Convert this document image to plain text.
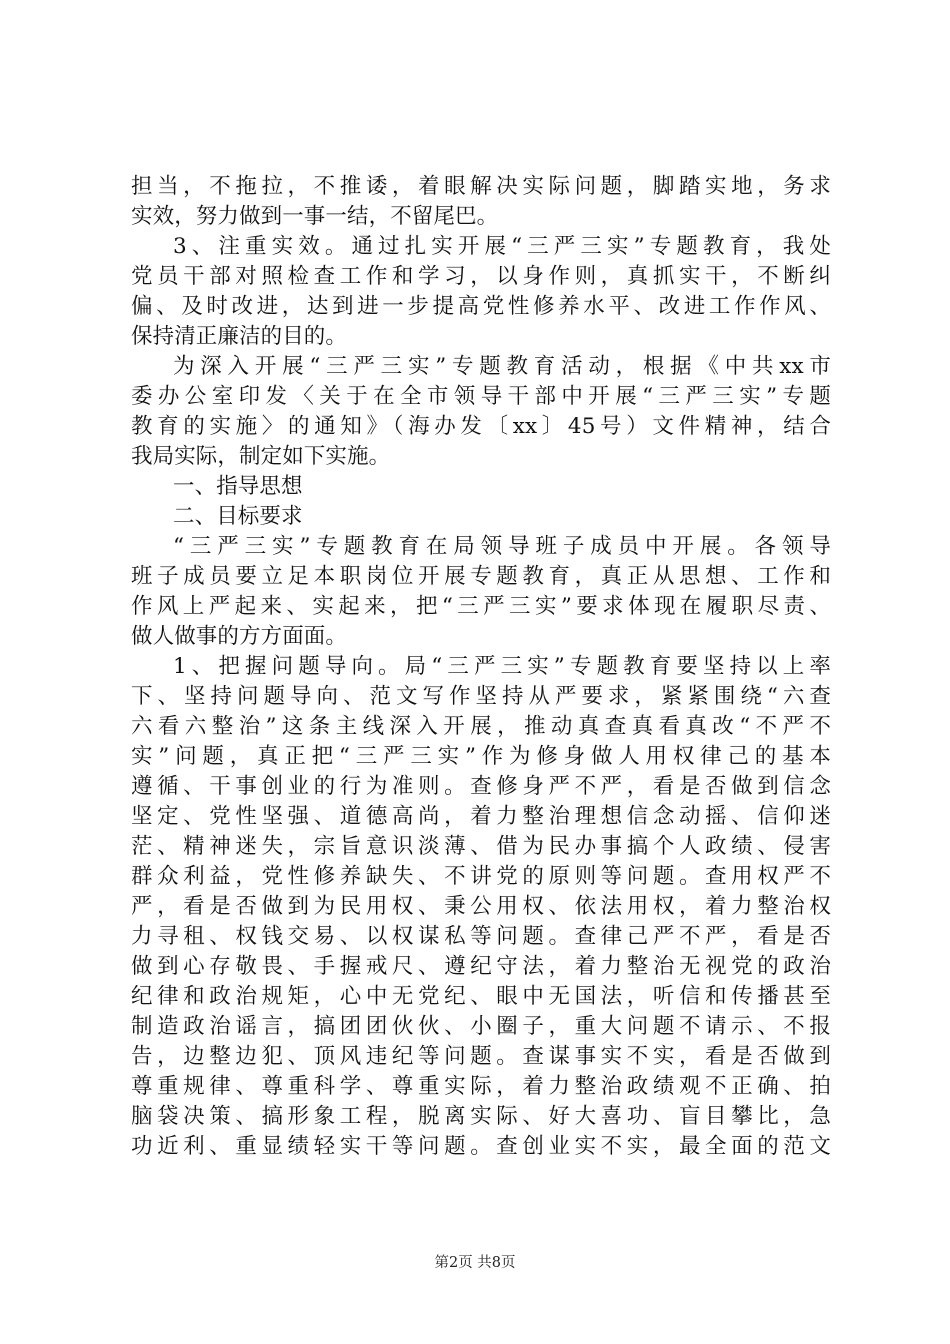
担当，不拖拉，不推诿，着眼解决实际问题，脚踏实地，务求
实效，努力做到一事一结，不留尾巴。
3、注重实效。通过扎实开展“三严三实”专题教育，我处
党员干部对照检查工作和学习，以身作则，真抓实干，不断纠
偏、及时改进，达到进一步提高党性修养水平、改进工作作风、
保持清正廉洁的目的。
为深入开展“三严三实”专题教育活动，根据《中共xx市
委办公室印发〈关于在全市领导干部中开展“三严三实”专题
教育的实施〉的通知》（海办发〔xx〕45号）文件精神，结合
我局实际，制定如下实施。
一、指导思想
二、目标要求
“三严三实”专题教育在局领导班子成员中开展。各领导
班子成员要立足本职岗位开展专题教育，真正从思想、工作和
作风上严起来、实起来，把“三严三实”要求体现在履职尽责、
做人做事的方方面面。
1、把握问题导向。局“三严三实”专题教育要坚持以上率
下、坚持问题导向、范文写作坚持从严要求，紧紧围绕“六查
六看六整治”这条主线深入开展，推动真查真看真改“不严不
实”问题，真正把“三严三实”作为修身做人用权律己的基本
遵循、干事创业的行为准则。查修身严不严，看是否做到信念
坚定、党性坚强、道德高尚，着力整治理想信念动摇、信仰迷
茫、精神迷失，宗旨意识淡薄、借为民办事搞个人政绩、侵害
群众利益，党性修养缺失、不讲党的原则等问题。查用权严不
严，看是否做到为民用权、秉公用权、依法用权，着力整治权
力寻租、权钱交易、以权谋私等问题。查律己严不严，看是否
做到心存敬畏、手握戒尺、遵纪守法，着力整治无视党的政治
纪律和政治规矩，心中无党纪、眼中无国法，听信和传播甚至
制造政治谣言，搞团团伙伙、小圈子，重大问题不请示、不报
告，边整边犯、顶风违纪等问题。查谋事实不实，看是否做到
尊重规律、尊重科学、尊重实际，着力整治政绩观不正确、拍
脑袋决策、搞形象工程，脱离实际、好大喜功、盲目攀比，急
功近利、重显绩轻实干等问题。查创业实不实，最全面的范文
第2页 共8页
